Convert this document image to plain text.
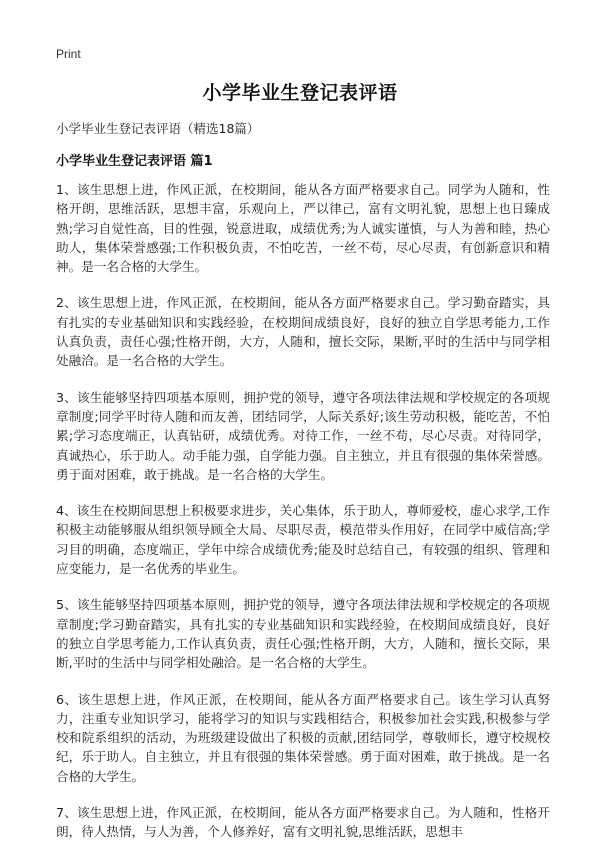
Print
小学毕业生登记表评语
小学毕业生登记表评语（精选18篇）
小学毕业生登记表评语 篇1

1、该生思想上进，作风正派，在校期间，能从各方面严格要求自己。同学为人随和，性格开朗，思维活跃，思想丰富，乐观向上，严以律己，富有文明礼貌，思想上也日臻成熟;学习自觉性高，目的性强，锐意进取，成绩优秀;为人诚实谨慎，与人为善和睦，热心助人，集体荣誉感强;工作积极负责，不怕吃苦，一丝不苟，尽心尽责，有创新意识和精神。是一名合格的大学生。

2、该生思想上进，作风正派，在校期间，能从各方面严格要求自己。学习勤奋踏实，具有扎实的专业基础知识和实践经验，在校期间成绩良好，良好的独立自学思考能力,工作认真负责，责任心强;性格开朗，大方，人随和，擅长交际，果断,平时的生活中与同学相处融洽。是一名合格的大学生。

3、该生能够坚持四项基本原则，拥护党的领导，遵守各项法律法规和学校规定的各项规章制度;同学平时待人随和而友善，团结同学，人际关系好;该生劳动积极，能吃苦，不怕累;学习态度端正，认真钻研，成绩优秀。对待工作，一丝不苟，尽心尽责。对待同学，真诚热心，乐于助人。动手能力强，自学能力强。自主独立，并且有很强的集体荣誉感。勇于面对困难，敢于挑战。是一名合格的大学生。

4、该生在校期间思想上积极要求进步，关心集体，乐于助人，尊师爱校，虚心求学,工作积极主动能够服从组织领导顾全大局、尽职尽责，模范带头作用好，在同学中威信高;学习目的明确，态度端正，学年中综合成绩优秀;能及时总结自己，有较强的组织、管理和应变能力，是一名优秀的毕业生。

5、该生能够坚持四项基本原则，拥护党的领导，遵守各项法律法规和学校规定的各项规章制度;学习勤奋踏实，具有扎实的专业基础知识和实践经验，在校期间成绩良好，良好的独立自学思考能力,工作认真负责，责任心强;性格开朗，大方，人随和，擅长交际，果断,平时的生活中与同学相处融洽。是一名合格的大学生。

6、该生思想上进，作风正派，在校期间，能从各方面严格要求自己。该生学习认真努力，注重专业知识学习，能将学习的知识与实践相结合，积极参加社会实践,积极参与学校和院系组织的活动，为班级建设做出了积极的贡献,团结同学，尊敬师长，遵守校规校纪，乐于助人。自主独立，并且有很强的集体荣誉感。勇于面对困难，敢于挑战。是一名合格的大学生。

7、该生思想上进，作风正派，在校期间，能从各方面严格要求自己。为人随和，性格开朗，待人热情，与人为善，个人修养好，富有文明礼貌,思维活跃，思想丰
